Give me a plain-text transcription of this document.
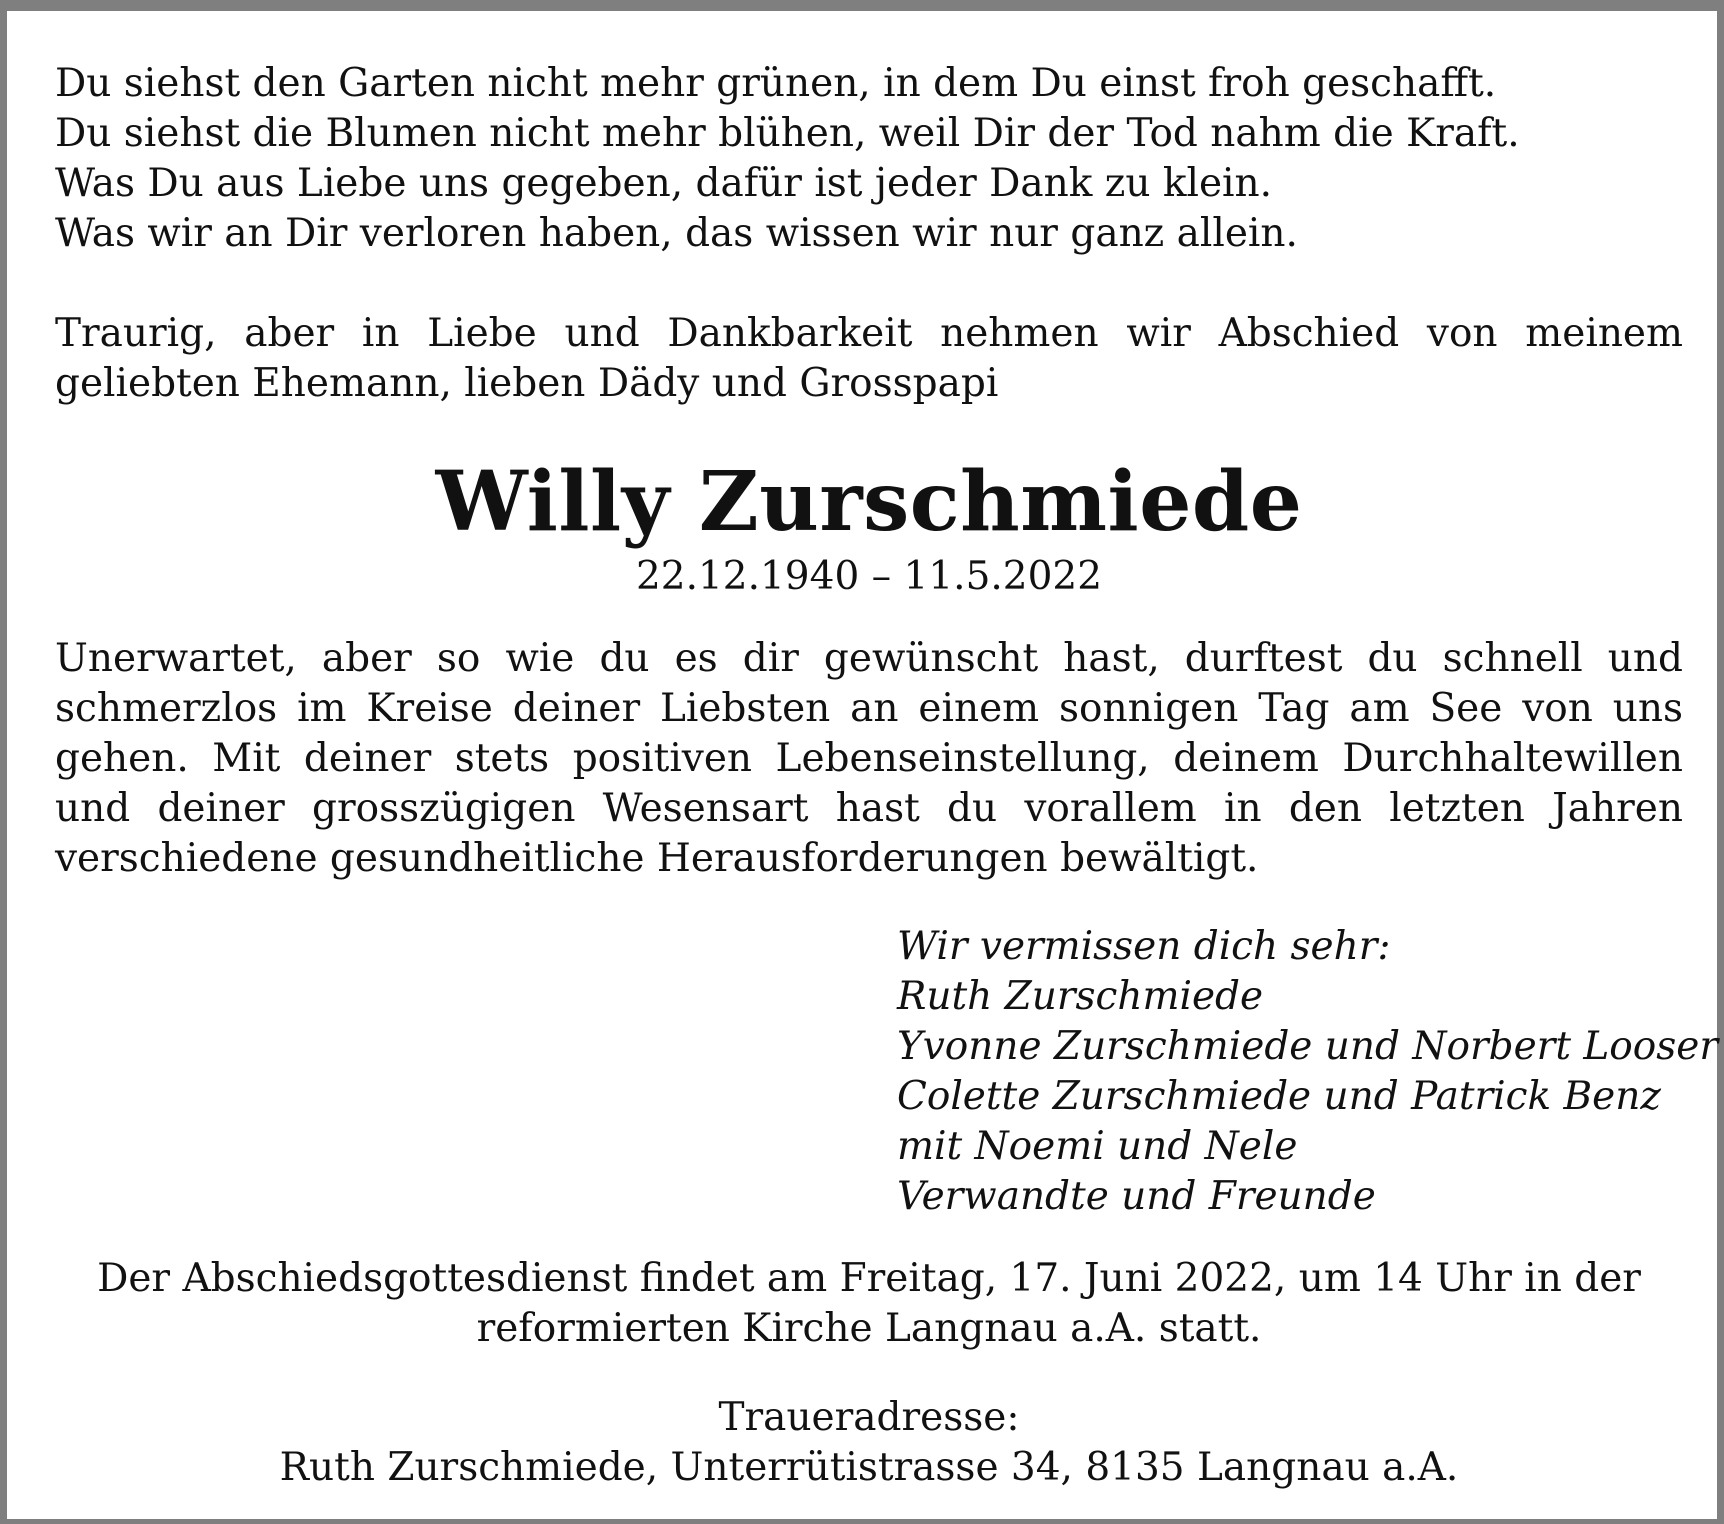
Du siehst den Garten nicht mehr grünen, in dem Du einst froh geschafft.

Du siehst die Blumen nicht mehr blühen, weil Dir der Tod nahm die Kraft.

Was Du aus Liebe uns gegeben, dafür ist jeder Dank zu klein.

Was wir an Dir verloren haben, das wissen wir nur ganz allein.

Traurig, aber in Liebe und Dankbarkeit nehmen wir Abschied von meinem
geliebten Ehemann, lieben Dädy und Grosspapi
Willy Zurschmiede

22.12.1940 – 11.5.2022

Unerwartet, aber so wie du es dir gewünscht hast, durftest du schnell und
schmerzlos im Kreise deiner Liebsten an einem sonnigen Tag am See von uns
gehen. Mit deiner stets positiven Lebenseinstellung, deinem Durchhaltewillen
und deiner grosszügigen Wesensart hast du vorallem in den letzten Jahren
verschiedene gesundheitliche Herausforderungen bewältigt.
Wir vermissen dich sehr:
Ruth Zurschmiede
Yvonne Zurschmiede und Norbert Looser
Colette Zurschmiede und Patrick Benz
mit Noemi und Nele
Verwandte und Freunde
Der Abschiedsgottesdienst findet am Freitag, 17. Juni 2022, um 14 Uhr in der
reformierten Kirche Langnau a.A. statt.
Traueradresse:
Ruth Zurschmiede, Unterrütistrasse 34, 8135 Langnau a.A.
